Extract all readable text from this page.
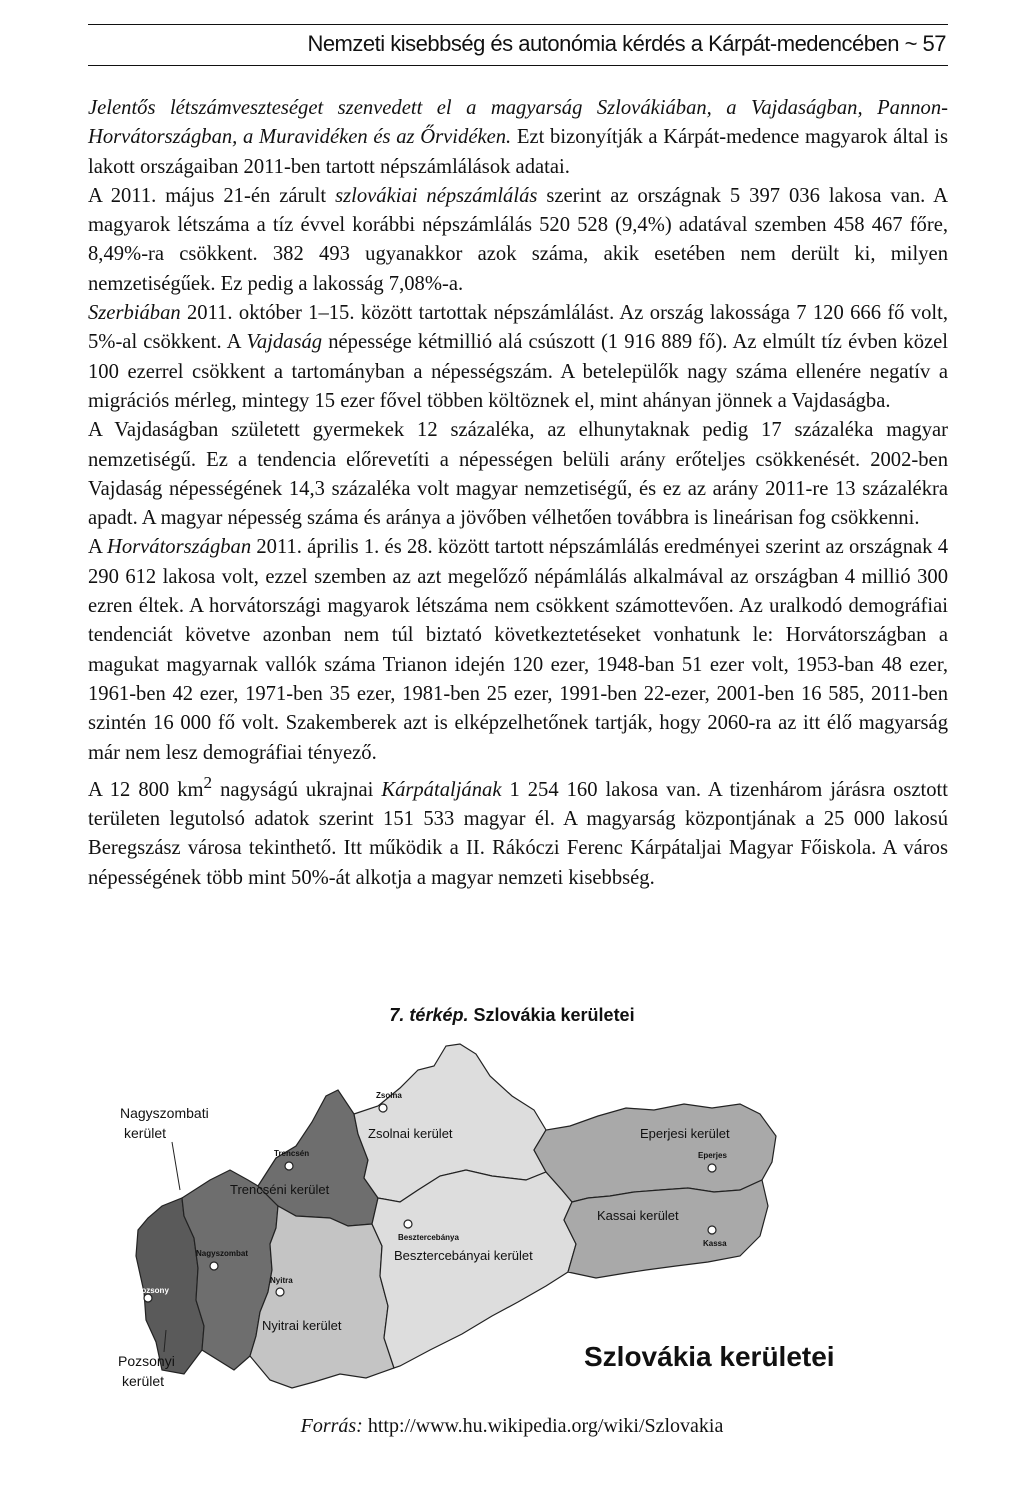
Nemzeti kisebbség és autonómia kérdés a Kárpát-medencében ~ 57

Jelentős létszámveszteséget szenvedett el a magyarság Szlovákiában, a Vajdaságban, Pannon-Horvátországban, a Muravidéken és az Őrvidéken. Ezt bizonyítják a Kárpát-medence magyarok által is lakott országaiban 2011-ben tartott népszámlálások adatai.

A 2011. május 21-én zárult szlovákiai népszámlálás szerint az országnak 5 397 036 lakosa van. A magyarok létszáma a tíz évvel korábbi népszámlálás 520 528 (9,4%) adatával szemben 458 467 főre, 8,49%-ra csökkent. 382 493 ugyanakkor azok száma, akik esetében nem derült ki, milyen nemzetiségűek. Ez pedig a lakosság 7,08%-a.

Szerbiában 2011. október 1–15. között tartottak népszámlálást. Az ország lakossága 7 120 666 fő volt, 5%-al csökkent. A Vajdaság népessége kétmillió alá csúszott (1 916 889 fő). Az elmúlt tíz évben közel 100 ezerrel csökkent a tartományban a népességszám. A betelepülők nagy száma ellenére negatív a migrációs mérleg, mintegy 15 ezer fővel többen költöznek el, mint ahányan jönnek a Vajdaságba.

A Vajdaságban született gyermekek 12 százaléka, az elhunytaknak pedig 17 százaléka magyar nemzetiségű. Ez a tendencia előrevetíti a népességen belüli arány erőteljes csökkenését. 2002-ben Vajdaság népességének 14,3 százaléka volt magyar nemzetiségű, és ez az arány 2011-re 13 százalékra apadt. A magyar népesség száma és aránya a jövőben vélhetően továbbra is lineárisan fog csökkenni.

A Horvátországban 2011. április 1. és 28. között tartott népszámlálás eredményei szerint az országnak 4 290 612 lakosa volt, ezzel szemben az azt megelőző népámlálás alkalmával az országban 4 millió 300 ezren éltek. A horvátországi magyarok létszáma nem csökkent számottevően. Az uralkodó demográfiai tendenciát követve azonban nem túl biztató következtetéseket vonhatunk le: Horvátországban a magukat magyarnak vallók száma Trianon idején 120 ezer, 1948-ban 51 ezer volt, 1953-ban 48 ezer, 1961-ben 42 ezer, 1971-ben 35 ezer, 1981-ben 25 ezer, 1991-ben 22-ezer, 2001-ben 16 585, 2011-ben szintén 16 000 fő volt. Szakemberek azt is elképzelhetőnek tartják, hogy 2060-ra az itt élő magyarság már nem lesz demográfiai tényező.

A 12 800 $km^2$ nagyságú ukrajnai Kárpátaljának 1 254 160 lakosa van. A tizenhárom járásra osztott területen legutolsó adatok szerint 151 533 magyar él. A magyarság központjának a 25 000 lakosú Beregszász városa tekinthető. Itt működik a II. Rákóczi Ferenc Kárpátaljai Magyar Főiskola. A város népességének több mint 50%-át alkotja a magyar nemzeti kisebbség.

7. térkép. Szlovákia kerületei
Zsolnai kerület	Eperjesi kerület
Trencséni kerület
Kassai kerület
Besztercebányai kerület
Nyitrai kerület
Zsolna
Trencsén	Eperjes
Kassa
Besztercebánya
Nagyszombat
Nyitra
Pozsony
Nagyszombati
kerület
Pozsonyi
kerület
Szlovákia kerületei
Forrás: http://www.hu.wikipedia.org/wiki/Szlovakia
